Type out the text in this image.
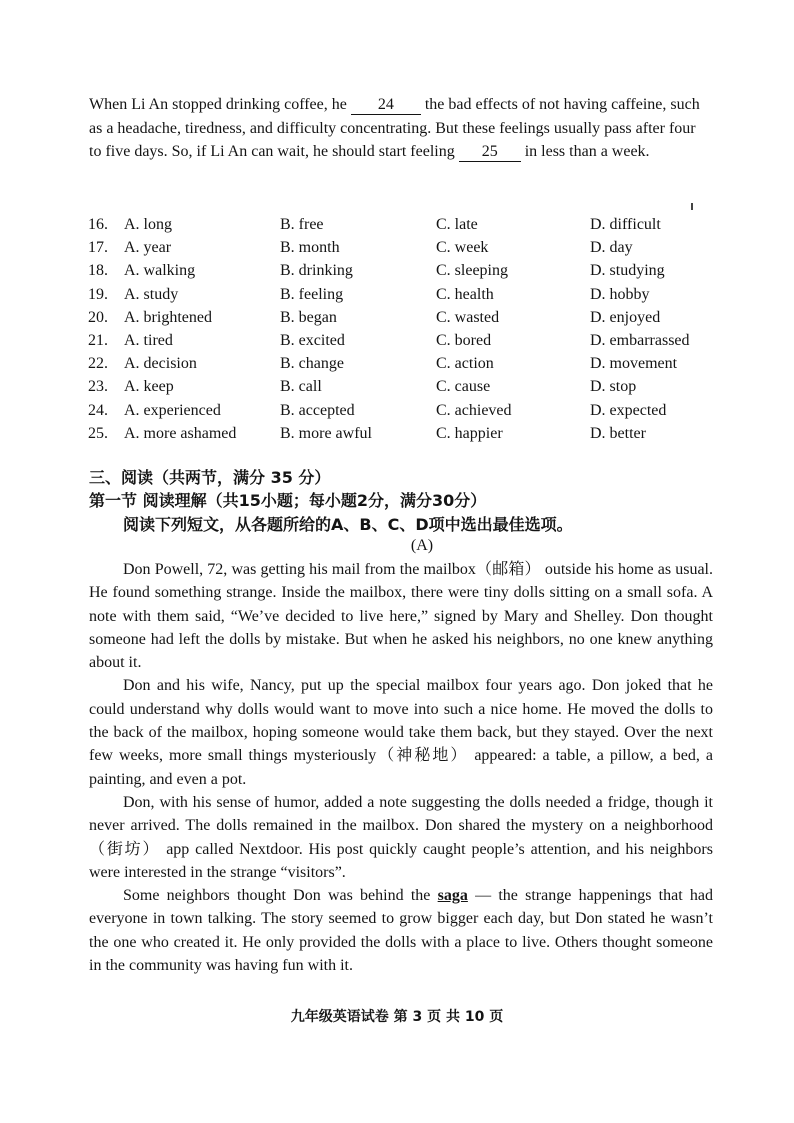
When Li An stopped drinking coffee, he 24 the bad effects of not having caffeine, such as a headache, tiredness, and difficulty concentrating. But these feelings usually pass after four to five days. So, if Li An can wait, he should start feeling 25 in less than a week.

16. A. long	B. free	C. late	D. difficult
17. A. year	B. month	C. week	D. day
18. A. walking	B. drinking	C. sleeping	D. studying
19. A. study	B. feeling	C. health	D. hobby
20. A. brightened	B. began	C. wasted	D. enjoyed
21. A. tired	B. excited	C. bored	D. embarrassed
22. A. decision	B. change	C. action	D. movement
23. A. keep	B. call	C. cause	D. stop
24. A. experienced	B. accepted	C. achieved	D. expected
25. A. more ashamed	B. more awful	C. happier	D. better
三、阅读（共两节，满分 35 分）
第一节 阅读理解（共15小题；每小题2分，满分30分）
阅读下列短文，从各题所给的A、B、C、D项中选出最佳选项。
(A)

Don Powell, 72, was getting his mail from the mailbox（邮箱） outside his home as usual. He found something strange. Inside the mailbox, there were tiny dolls sitting on a small sofa. A note with them said, “We’ve decided to live here,” signed by Mary and Shelley. Don thought someone had left the dolls by mistake. But when he asked his neighbors, no one knew anything about it.

Don and his wife, Nancy, put up the special mailbox four years ago. Don joked that he could understand why dolls would want to move into such a nice home. He moved the dolls to the back of the mailbox, hoping someone would take them back, but they stayed. Over the next few weeks, more small things mysteriously（神秘地） appeared: a table, a pillow, a bed, a painting, and even a pot.

Don, with his sense of humor, added a note suggesting the dolls needed a fridge, though it never arrived. The dolls remained in the mailbox. Don shared the mystery on a neighborhood（街坊） app called Nextdoor. His post quickly caught people’s attention, and his neighbors were interested in the strange “visitors”.

Some neighbors thought Don was behind the saga — the strange happenings that had everyone in town talking. The story seemed to grow bigger each day, but Don stated he wasn’t the one who created it. He only provided the dolls with a place to live. Others thought someone in the community was having fun with it.

九年级英语试卷 第 3 页 共 10 页
